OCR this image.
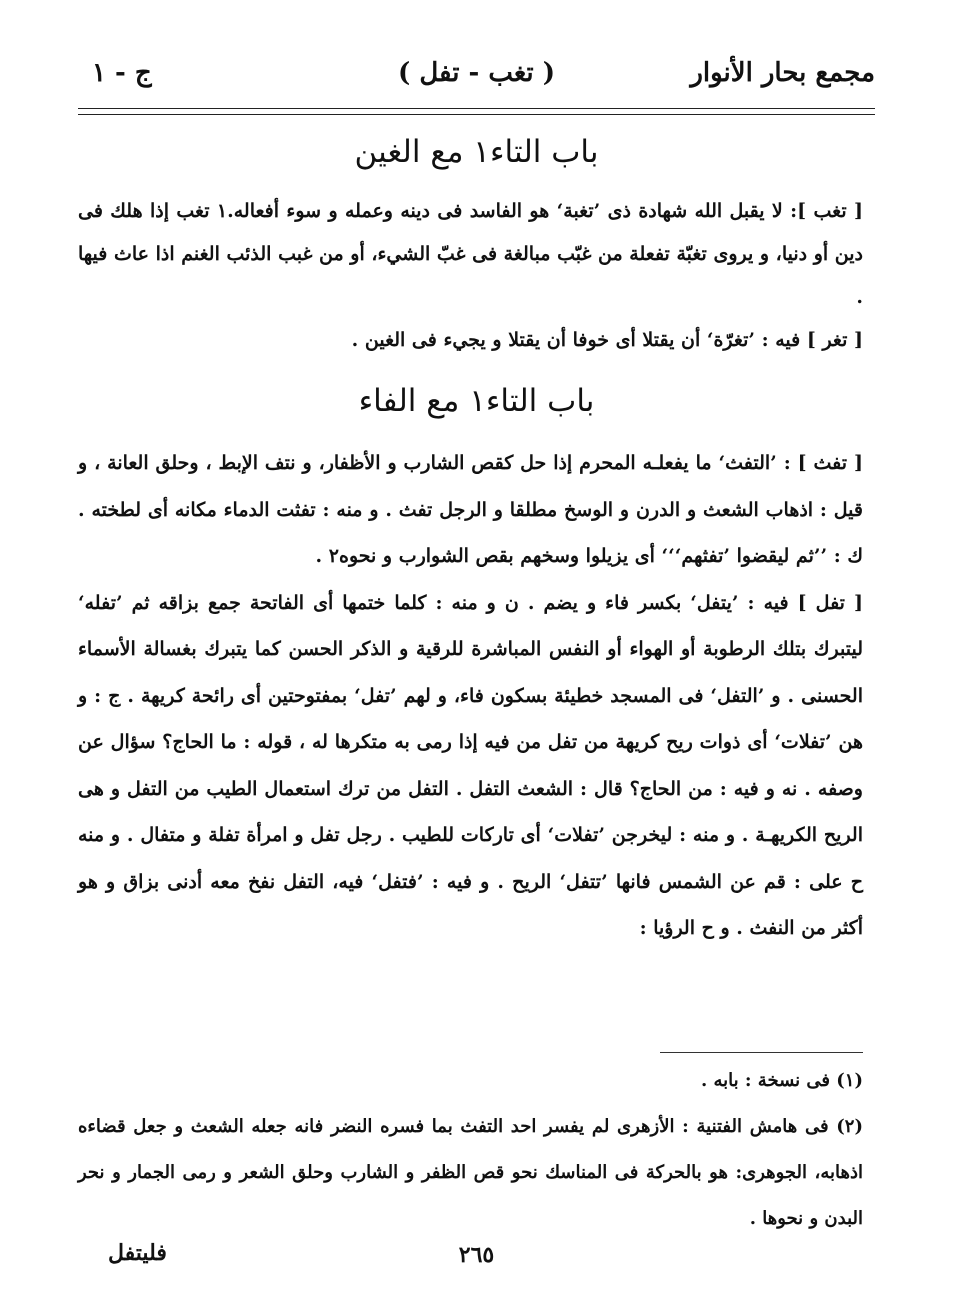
مجمع بحار الأنوار
( تغب - تفل )
ج - ١
باب التاء١ مع الغين

[ تغب ]: لا يقبل الله شهادة ذى ’تغبة‘ هو الفاسد فى دينه وعمله و سوء أفعاله.١ تغب إذا هلك فى دين أو دنيا، و يروى تغبّة تفعلة من غبّب مبالغة فى غبّ الشيء، أو من غبب الذئب الغنم اذا عاث فيها .

[ تغر ] فيه : ’تغرّة‘ أن يقتلا أى خوفا أن يقتلا و يجيء فى الغين .

باب التاء١ مع الفاء

[ تفث ] : ’التفث‘ ما يفعلـه المحرم إذا حل كقص الشارب و الأظفار، و نتف الإبط ، وحلق العانة ، و قيل : اذهاب الشعث و الدرن و الوسخ مطلقا و الرجل تفث . و منه : تفثت الدماء مكانه أى لطخته . ك : ’’ثم ليقضوا ’تفثهم‘‘‘ أى يزيلوا وسخهم بقص الشوارب و نحوه٢ .

[ تفل ] فيه : ’يتفل‘ بكسر فاء و يضم . ن و منه : كلما ختمها أى الفاتحة جمع بزاقه ثم ’تفله‘ ليتبرك بتلك الرطوبة أو الهواء أو النفس المباشرة للرقية و الذكر الحسن كما يتبرك بغسالة الأسماء الحسنى . و ’التفل‘ فى المسجد خطيئة بسكون فاء، و لهم ’تفل‘ بمفتوحتين أى رائحة كريهة . ج : و هن ’تفلات‘ أى ذوات ريح كريهة من تفل من فيه إذا رمى به متكرها له ، قوله : ما الحاج؟ سؤال عن وصفه . نه و فيه : من الحاج؟ قال : الشعث التفل . التفل من ترك استعمال الطيب من التفل و هى الريح الكريهـة . و منه : ليخرجن ’تفلات‘ أى تاركات للطيب . رجل تفل و امرأة تفلة و متفال . و منه ح على : قم عن الشمس فانها ’تتفل‘ الريح . و فيه : ’فتفل‘ فيه، التفل نفخ معه أدنى بزاق و هو أكثر من النفث . و ح الرؤيا :

(١) فى نسخة : بابه .

(٢) فى هامش الفتنية : الأزهرى لم يفسر احد التفث بما فسره النضر فانه جعله الشعث و جعل قضاءه اذهابه، الجوهرى: هو بالحركة فى المناسك نحو قص الظفر و الشارب وحلق الشعر و رمى الجمار و نحر البدن و نحوها .

٢٦٥
فليتفل
